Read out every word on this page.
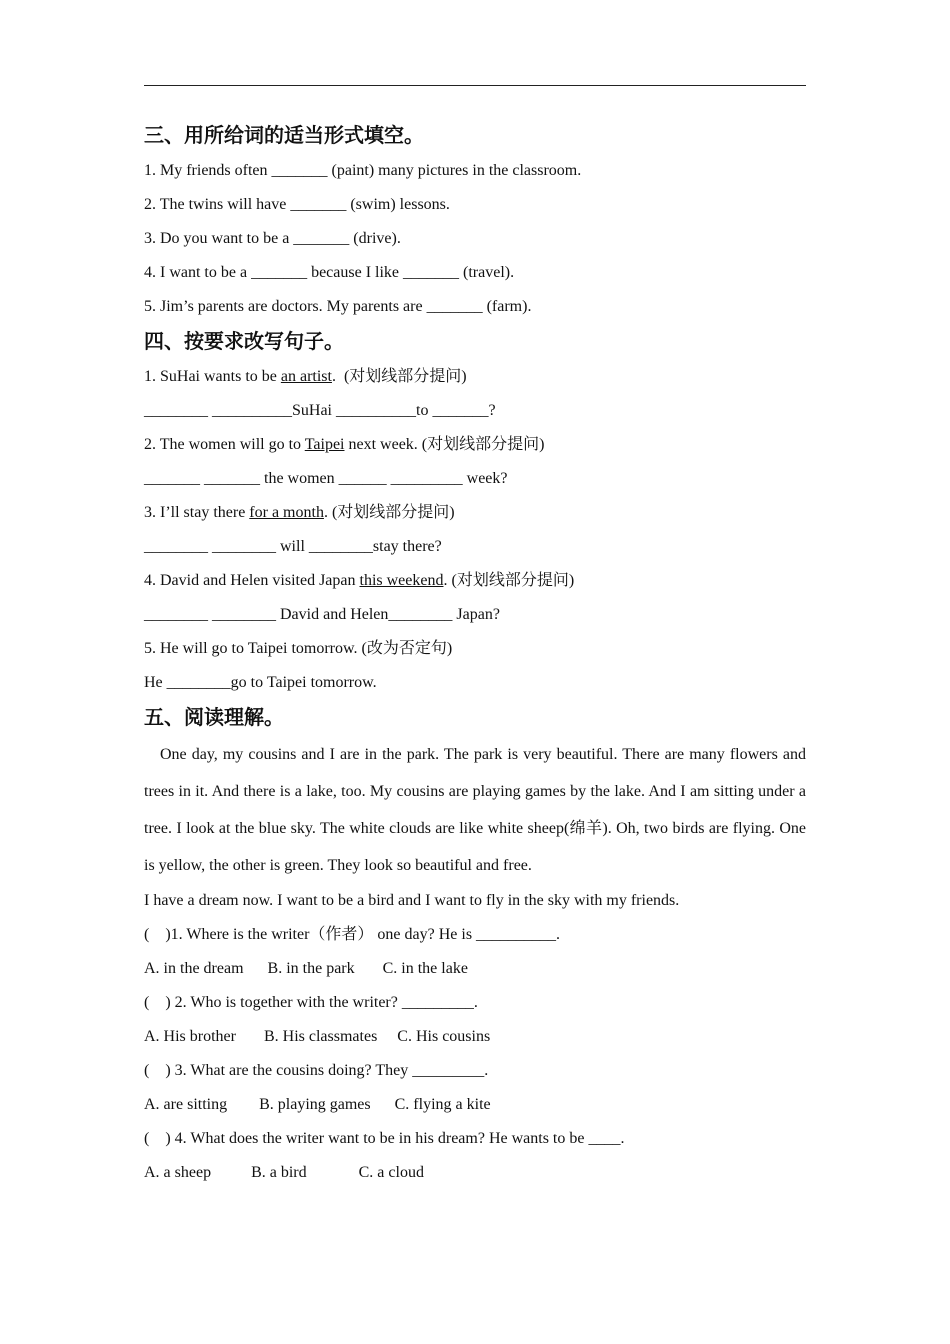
三、用所给词的适当形式填空。
1. My friends often _______ (paint) many pictures in the classroom.
2. The twins will have _______ (swim) lessons.
3. Do you want to be a _______ (drive).
4. I want to be a _______ because I like _______ (travel).
5. Jim’s parents are doctors. My parents are _______ (farm).
四、按要求改写句子。
1. SuHai wants to be an artist.  (对划线部分提问)
________ __________SuHai __________to _______?
2. The women will go to Taipei next week. (对划线部分提问)
_______ _______ the women ______ _________ week?
3. I’ll stay there for a month. (对划线部分提问)
________ ________ will ________stay there?
4. David and Helen visited Japan this weekend. (对划线部分提问)
________ ________ David and Helen________ Japan?
5. He will go to Taipei tomorrow. (改为否定句)
He ________go to Taipei tomorrow.
五、阅读理解。

One day, my cousins and I are in the park. The park is very beautiful. There are many flowers and trees in it. And there is a lake, too. My cousins are playing games by the lake. And I am sitting under a tree. I look at the blue sky. The white clouds are like white sheep(绵羊). Oh, two birds are flying. One is yellow, the other is green. They look so beautiful and free.

I have a dream now. I want to be a bird and I want to fly in the sky with my friends.
(    )1. Where is the writer（作者） one day? He is __________.
A. in the dream      B. in the park       C. in the lake
(    ) 2. Who is together with the writer? _________.
A. His brother       B. His classmates     C. His cousins
(    ) 3. What are the cousins doing? They _________.
A. are sitting        B. playing games      C. flying a kite
(    ) 4. What does the writer want to be in his dream? He wants to be ____.
A. a sheep          B. a bird             C. a cloud
